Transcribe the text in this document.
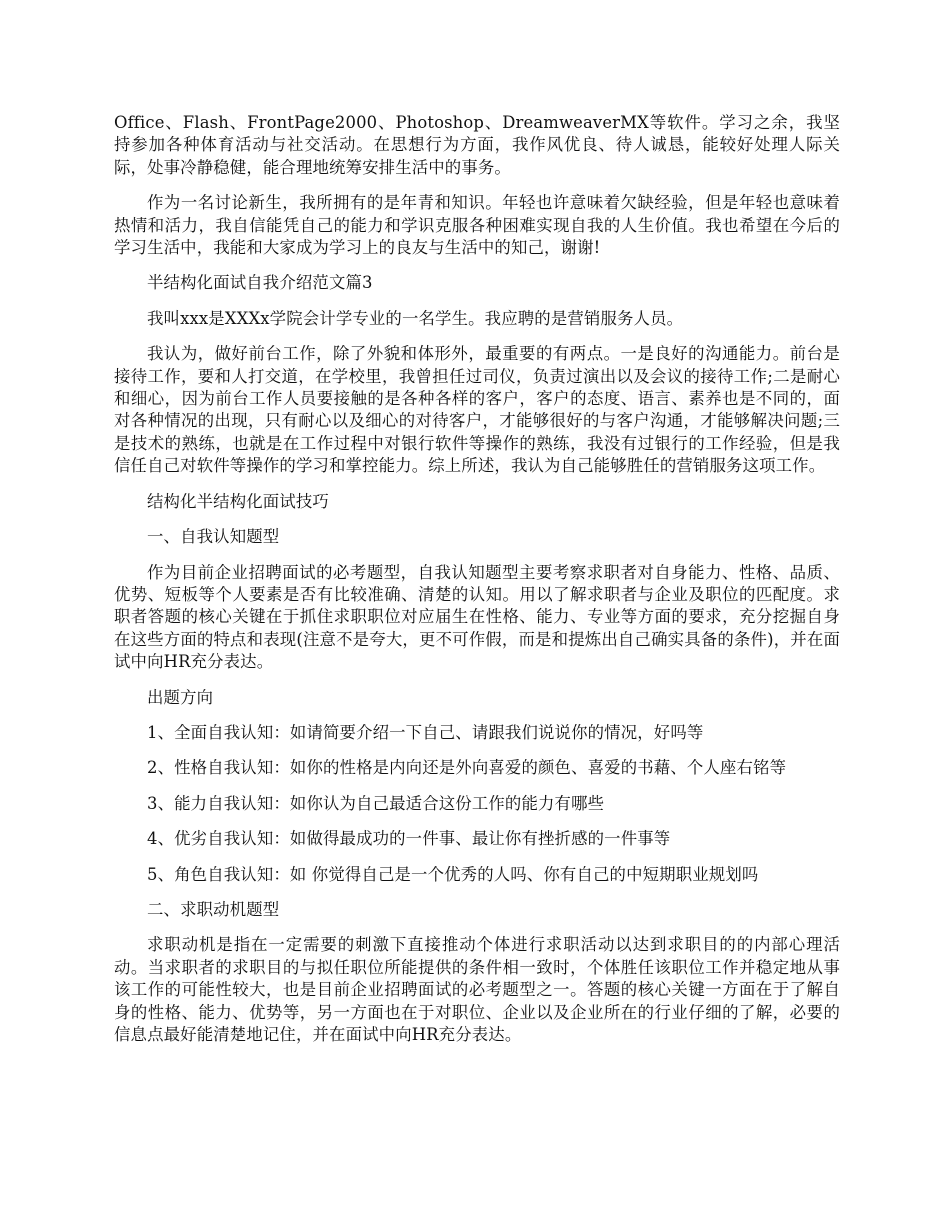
Office、Flash、FrontPage2000、Photoshop、DreamweaverMX等软件。学习之余，我坚持参加各种体育活动与社交活动。在思想行为方面，我作风优良、待人诚恳，能较好处理人际关际，处事冷静稳健，能合理地统筹安排生活中的事务。

作为一名讨论新生，我所拥有的是年青和知识。年轻也许意味着欠缺经验，但是年轻也意味着热情和活力，我自信能凭自己的能力和学识克服各种困难实现自我的人生价值。我也希望在今后的学习生活中，我能和大家成为学习上的良友与生活中的知己，谢谢!

半结构化面试自我介绍范文篇3

我叫xxx是XXXx学院会计学专业的一名学生。我应聘的是营销服务人员。

我认为，做好前台工作，除了外貌和体形外，最重要的有两点。一是良好的沟通能力。前台是接待工作，要和人打交道，在学校里，我曾担任过司仪，负责过演出以及会议的接待工作;二是耐心和细心，因为前台工作人员要接触的是各种各样的客户，客户的态度、语言、素养也是不同的，面对各种情况的出现，只有耐心以及细心的对待客户，才能够很好的与客户沟通，才能够解决问题;三是技术的熟练，也就是在工作过程中对银行软件等操作的熟练，我没有过银行的工作经验，但是我信任自己对软件等操作的学习和掌控能力。综上所述，我认为自己能够胜任的营销服务这项工作。

结构化半结构化面试技巧

一、自我认知题型

作为目前企业招聘面试的必考题型，自我认知题型主要考察求职者对自身能力、性格、品质、优势、短板等个人要素是否有比较准确、清楚的认知。用以了解求职者与企业及职位的匹配度。求职者答题的核心关键在于抓住求职职位对应届生在性格、能力、专业等方面的要求，充分挖掘自身在这些方面的特点和表现(注意不是夸大，更不可作假，而是和提炼出自己确实具备的条件)，并在面试中向HR充分表达。

出题方向

1、全面自我认知：如请简要介绍一下自己、请跟我们说说你的情况，好吗等

2、性格自我认知：如你的性格是内向还是外向喜爱的颜色、喜爱的书藉、个人座右铭等

3、能力自我认知：如你认为自己最适合这份工作的能力有哪些

4、优劣自我认知：如做得最成功的一件事、最让你有挫折感的一件事等

5、角色自我认知：如 你觉得自己是一个优秀的人吗、你有自己的中短期职业规划吗

二、求职动机题型

求职动机是指在一定需要的刺激下直接推动个体进行求职活动以达到求职目的的内部心理活动。当求职者的求职目的与拟任职位所能提供的条件相一致时，个体胜任该职位工作并稳定地从事该工作的可能性较大，也是目前企业招聘面试的必考题型之一。答题的核心关键一方面在于了解自身的性格、能力、优势等，另一方面也在于对职位、企业以及企业所在的行业仔细的了解，必要的信息点最好能清楚地记住，并在面试中向HR充分表达。
